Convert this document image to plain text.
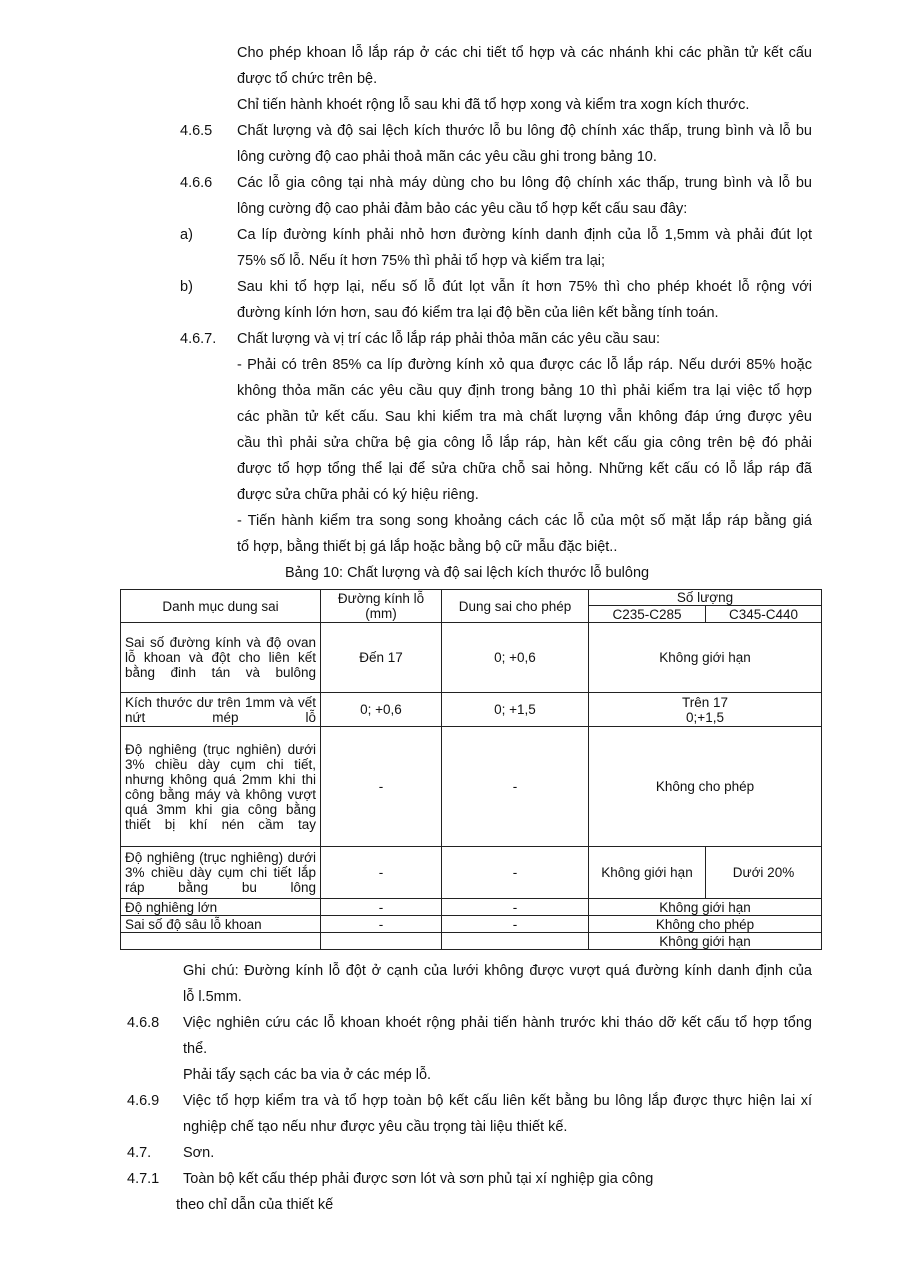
Cho phép khoan lỗ lắp ráp ở các chi tiết tổ hợp và các nhánh khi các phần tử kết cấu
được tổ chức trên bệ.
Chỉ tiến hành khoét rộng lỗ sau khi đã tổ hợp xong và kiểm tra xogn kích thước.
4.6.5 Chất lượng và độ sai lệch kích thước lỗ bu lông độ chính xác thấp, trung bình và lỗ bu
lông cường độ cao phải thoả mãn các yêu cầu ghi trong bảng 10.
4.6.6 Các lỗ gia công tại nhà máy dùng cho bu lông độ chính xác thấp, trung bình và lỗ bu
lông cường độ cao phải đảm bảo các yêu cầu tổ hợp kết cấu sau đây:
a)	Ca líp đường kính phải nhỏ hơn đường kính danh định của lỗ 1,5mm và phải đút lọt
75% số lỗ. Nếu ít hơn 75% thì phải tổ hợp và kiểm tra lại;
b)	Sau khi tổ hợp lại, nếu số lỗ đút lọt vẫn ít hơn 75% thì cho phép khoét lỗ rộng với
đường kính lớn hơn, sau đó kiểm tra lại độ bền của liên kết bằng tính toán.
4.6.7. Chất lượng và vị trí các lỗ lắp ráp phải thỏa mãn các yêu cầu sau:
- Phải có trên 85% ca líp đường kính xỏ qua được các lỗ lắp ráp. Nếu dưới 85% hoặc
không thỏa mãn các yêu cầu quy định trong bảng 10 thì phải kiểm tra lại việc tổ hợp
các phần tử kết cấu. Sau khi kiểm tra mà chất lượng vẫn không đáp ứng được yêu
cầu thì phải sửa chữa bệ gia công lỗ lắp ráp, hàn kết cấu gia công trên bệ đó phải
được tổ hợp tổng thể lại để sửa chữa chỗ sai hỏng. Những kết cấu có lỗ lắp ráp đã
được sửa chữa phải có ký hiệu riêng.
- Tiến hành kiểm tra song song khoảng cách các lỗ của một số mặt lắp ráp bằng giá
tổ hợp, bằng thiết bị gá lắp hoặc bằng bộ cữ mẫu đặc biệt..
Bảng 10: Chất lượng và độ sai lệch kích thước lỗ bulông
Danh mục dung sai	Đường kính lỗ (mm)	Dung sai cho phép	Số lượng	
			C235-C285	C345-C440
Sai số đường kính và độ ovan lỗ khoan và đột cho liên kết bằng đinh tán và bulông	Đến 17	0; +0,6	Không giới hạn	
Kích thước dư trên 1mm và vết nứt mép lỗ	0; +0,6	0; +1,5	Trên 17
0;+1,5	

Độ nghiêng (trục nghiên) dưới 3% chiều dày cụm chi tiết, nhưng không quá 2mm khi thi công bằng máy và không vượt quá 3mm khi gia công bằng thiết bị khí nén cầm tay	-	-	Không cho phép	
Độ nghiêng (trục nghiêng) dưới 3% chiều dày cụm chi tiết lắp ráp bằng bu lông	-	-	Không giới hạn	Dưới 20%
Độ nghiêng lớn	-	-	Không giới hạn	
Sai số độ sâu lỗ khoan	-	-	Không cho phép	
			Không giới hạn	
Ghi chú: Đường kính lỗ đột ở cạnh của lưới không được vượt quá đường kính danh định của
lỗ l.5mm.
4.6.8 Việc nghiên cứu các lỗ khoan khoét rộng phải tiến hành trước khi tháo dỡ kết cấu tổ hợp tổng
thể.
Phải tẩy sạch các ba via ở các mép lỗ.
4.6.9 Việc tổ hợp kiểm tra và tổ hợp toàn bộ kết cấu liên kết bằng bu lông lắp được thực hiện lai xí
nghiệp chế tạo nếu như được yêu cầu trọng tài liệu thiết kế.
4.7. Sơn.
4.7.1 Toàn bộ kết cấu thép phải được sơn lót và sơn phủ tại xí nghiệp gia công
theo chỉ dẫn của thiết kế
